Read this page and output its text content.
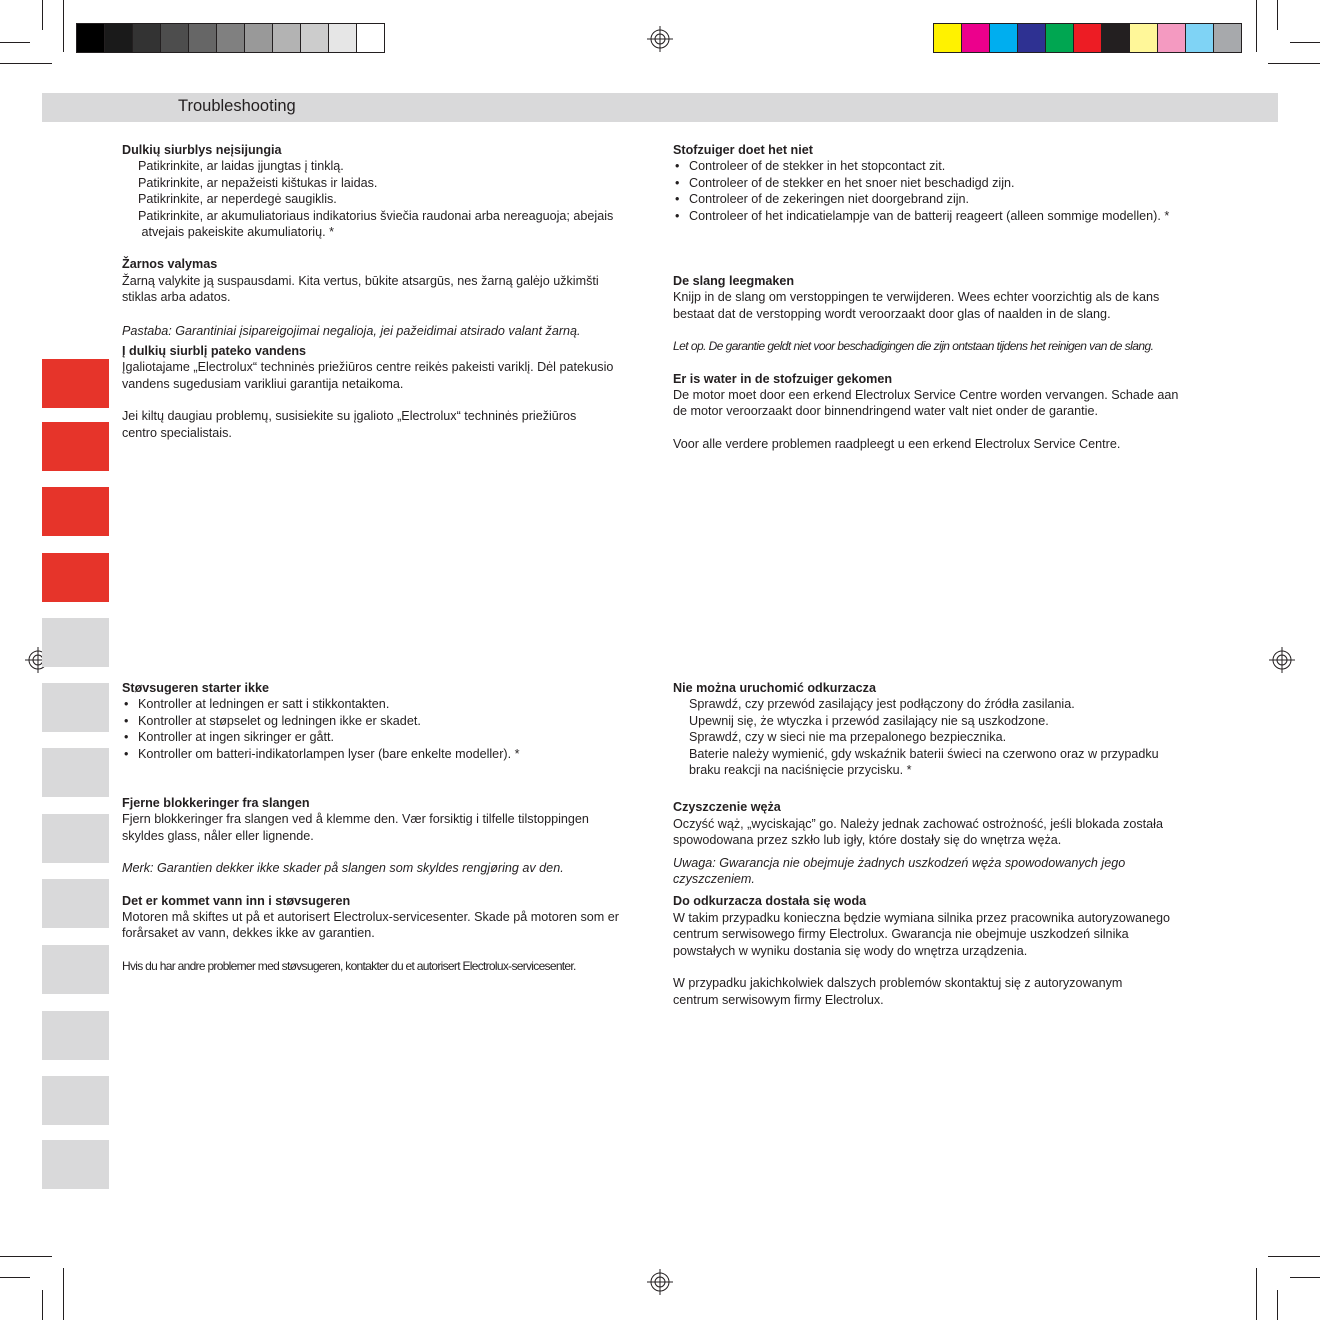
Troubleshooting

Dulkių siurblys neįsijungia

Patikrinkite, ar laidas įjungtas į tinklą.

Patikrinkite, ar nepažeisti kištukas ir laidas.

Patikrinkite, ar neperdegė saugiklis.

Patikrinkite, ar akumuliatoriaus indikatorius šviečia raudonai arba nereaguoja; abejais

atvejais pakeiskite akumuliatorių. *

Žarnos valymas

Žarną valykite ją suspausdami. Kita vertus, būkite atsargūs, nes žarną galėjo užkimšti

stiklas arba adatos.

Pastaba: Garantiniai įsipareigojimai negalioja, jei pažeidimai atsirado valant žarną.

Į dulkių siurblį pateko vandens

Įgaliotajame „Electrolux“ techninės priežiūros centre reikės pakeisti variklį. Dėl patekusio

vandens sugedusiam varikliui garantija netaikoma.

Jei kiltų daugiau problemų, susisiekite su įgalioto „Electrolux“ techninės priežiūros

centro specialistais.

Stofzuiger doet het niet

• Controleer of de stekker in het stopcontact zit.
• Controleer of de stekker en het snoer niet beschadigd zijn.
• Controleer of de zekeringen niet doorgebrand zijn.
• Controleer of het indicatielampje van de batterij reageert (alleen sommige modellen). *

De slang leegmaken

Knijp in de slang om verstoppingen te verwijderen. Wees echter voorzichtig als de kans

bestaat dat de verstopping wordt veroorzaakt door glas of naalden in de slang.

Let op. De garantie geldt niet voor beschadigingen die zijn ontstaan tijdens het reinigen van de slang.

Er is water in de stofzuiger gekomen

De motor moet door een erkend Electrolux Service Centre worden vervangen. Schade aan

de motor veroorzaakt door binnendringend water valt niet onder de garantie.

Voor alle verdere problemen raadpleegt u een erkend Electrolux Service Centre.

Støvsugeren starter ikke

• Kontroller at ledningen er satt i stikkontakten.
• Kontroller at støpselet og ledningen ikke er skadet.
• Kontroller at ingen sikringer er gått.
• Kontroller om batteri-indikatorlampen lyser (bare enkelte modeller). *

Fjerne blokkeringer fra slangen

Fjern blokkeringer fra slangen ved å klemme den. Vær forsiktig i tilfelle tilstoppingen

skyldes glass, nåler eller lignende.

Merk: Garantien dekker ikke skader på slangen som skyldes rengjøring av den.

Det er kommet vann inn i støvsugeren

Motoren må skiftes ut på et autorisert Electrolux-servicesenter. Skade på motoren som er

forårsaket av vann, dekkes ikke av garantien.

Hvis du har andre problemer med støvsugeren, kontakter du et autorisert Electrolux-servicesenter.

Nie można uruchomić odkurzacza

Sprawdź, czy przewód zasilający jest podłączony do źródła zasilania.

Upewnij się, że wtyczka i przewód zasilający nie są uszkodzone.

Sprawdź, czy w sieci nie ma przepalonego bezpiecznika.

Baterie należy wymienić, gdy wskaźnik baterii świeci na czerwono oraz w przypadku

braku reakcji na naciśnięcie przycisku. *

Czyszczenie węża

Oczyść wąż, „wyciskając” go. Należy jednak zachować ostrożność, jeśli blokada została

spowodowana przez szkło lub igły, które dostały się do wnętrza węża.

Uwaga: Gwarancja nie obejmuje żadnych uszkodzeń węża spowodowanych jego

czyszczeniem.

Do odkurzacza dostała się woda

W takim przypadku konieczna będzie wymiana silnika przez pracownika autoryzowanego

centrum serwisowego firmy Electrolux. Gwarancja nie obejmuje uszkodzeń silnika

powstałych w wyniku dostania się wody do wnętrza urządzenia.

W przypadku jakichkolwiek dalszych problemów skontaktuj się z autoryzowanym

centrum serwisowym firmy Electrolux.
